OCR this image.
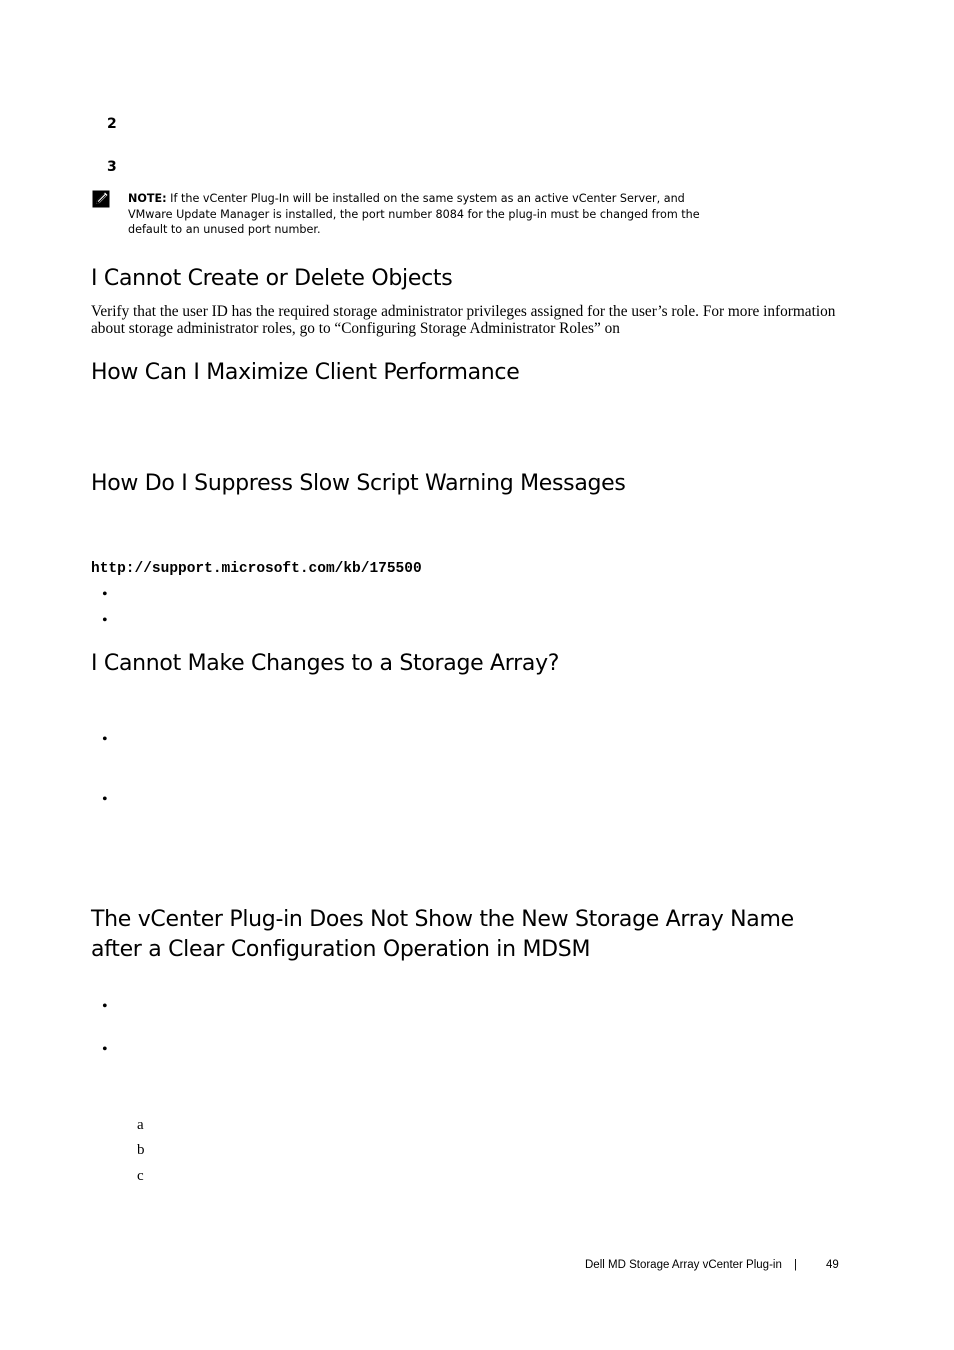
2
3
NOTE: If the vCenter Plug-In will be installed on the same system as an active vCenter Server, and VMware Update Manager is installed, the port number 8084 for the plug-in must be changed from the default to an unused port number.
I Cannot Create or Delete Objects
Verify that the user ID has the required storage administrator privileges assigned for the user’s role. For more information about storage administrator roles, go to “Configuring Storage Administrator Roles” on
How Can I Maximize Client Performance
How Do I Suppress Slow Script Warning Messages
http://support.microsoft.com/kb/175500
•
•
I Cannot Make Changes to a Storage Array?
•
•
The vCenter Plug-in Does Not Show the New Storage Array Name after a Clear Configuration Operation in MDSM
•
•
a
b
c
Dell MD Storage Array vCenter Plug-in |	49
